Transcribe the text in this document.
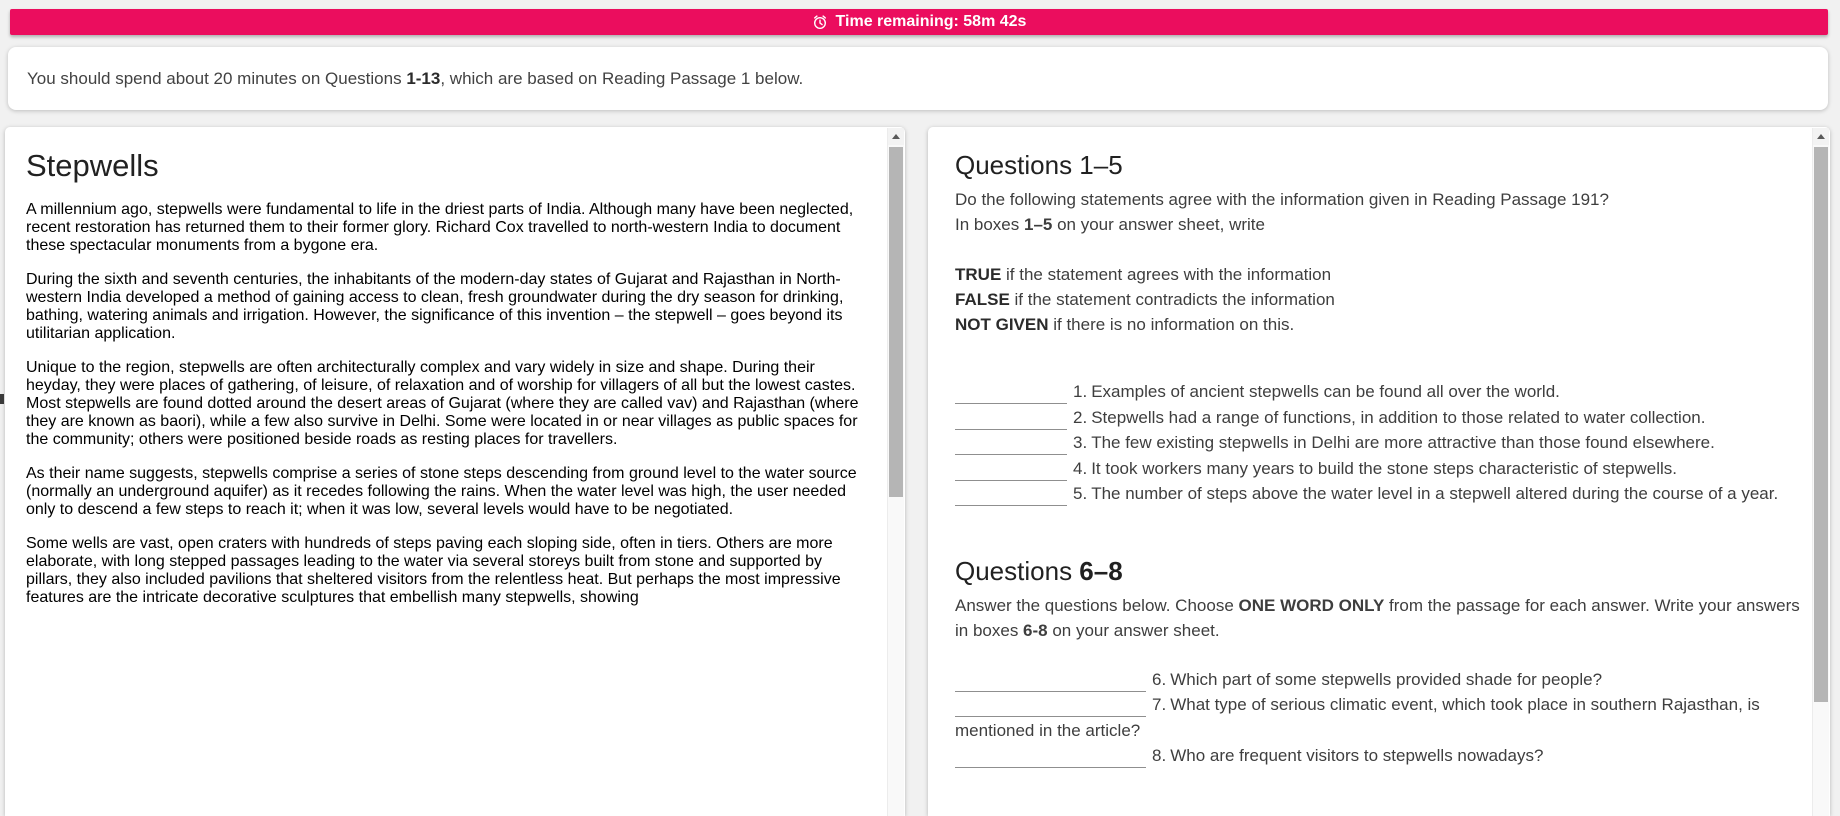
Time remaining: 58m 42s
You should spend about 20 minutes on Questions 1-13, which are based on Reading Passage 1 below.
Stepwells

A millennium ago, stepwells were fundamental to life in the driest parts of India. Although many have been neglected, recent restoration has returned them to their former glory. Richard Cox travelled to north-western India to document these spectacular monuments from a bygone era.

During the sixth and seventh centuries, the inhabitants of the modern-day states of Gujarat and Rajasthan in North-western India developed a method of gaining access to clean, fresh groundwater during the dry season for drinking, bathing, watering animals and irrigation. However, the significance of this invention – the stepwell – goes beyond its utilitarian application.

Unique to the region, stepwells are often architecturally complex and vary widely in size and shape. During their heyday, they were places of gathering, of leisure, of relaxation and of worship for villagers of all but the lowest castes. Most stepwells are found dotted around the desert areas of Gujarat (where they are called vav) and Rajasthan (where they are known as baori), while a few also survive in Delhi. Some were located in or near villages as public spaces for the community; others were positioned beside roads as resting places for travellers.

As their name suggests, stepwells comprise a series of stone steps descending from ground level to the water source (normally an underground aquifer) as it recedes following the rains. When the water level was high, the user needed only to descend a few steps to reach it; when it was low, several levels would have to be negotiated.

Some wells are vast, open craters with hundreds of steps paving each sloping side, often in tiers. Others are more elaborate, with long stepped passages leading to the water via several storeys built from stone and supported by pillars, they also included pavilions that sheltered visitors from the relentless heat. But perhaps the most impressive features are the intricate decorative sculptures that embellish many stepwells, showing

Questions 1–5

Do the following statements agree with the information given in Reading Passage 191?

In boxes 1–5 on your answer sheet, write

TRUE if the statement agrees with the information
FALSE if the statement contradicts the information
NOT GIVEN if there is no information on this.
1. Examples of ancient stepwells can be found all over the world.
2. Stepwells had a range of functions, in addition to those related to water collection.
3. The few existing stepwells in Delhi are more attractive than those found elsewhere.
4. It took workers many years to build the stone steps characteristic of stepwells.
5. The number of steps above the water level in a stepwell altered during the course of a year.
Questions 6–8

Answer the questions below. Choose ONE WORD ONLY from the passage for each answer. Write your answers in boxes 6-8 on your answer sheet.

6. Which part of some stepwells provided shade for people?
7. What type of serious climatic event, which took place in southern Rajasthan, is mentioned in the article?
8. Who are frequent visitors to stepwells nowadays?
